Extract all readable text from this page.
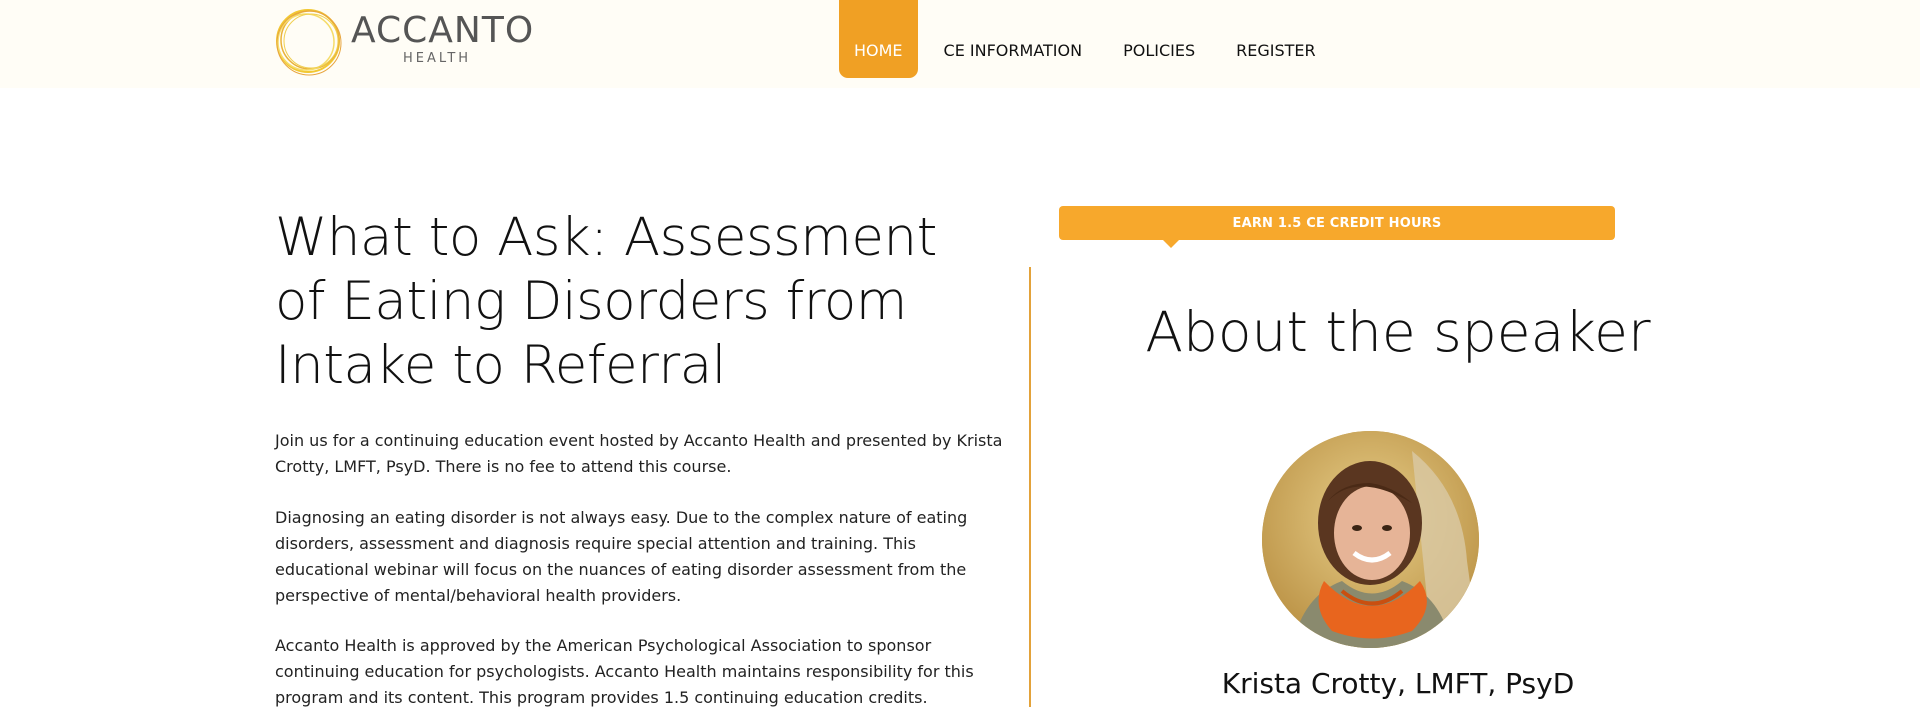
ACCANTO
HEALTH	HOME	CE INFORMATION	POLICIES	REGISTER
What to Ask: Assessment of Eating Disorders from Intake to Referral

Join us for a continuing education event hosted by Accanto Health and presented by Krista Crotty, LMFT, PsyD. There is no fee to attend this course.

Diagnosing an eating disorder is not always easy. Due to the complex nature of eating disorders, assessment and diagnosis require special attention and training. This educational webinar will focus on the nuances of eating disorder assessment from the perspective of mental/behavioral health providers.

Accanto Health is approved by the American Psychological Association to sponsor continuing education for psychologists. Accanto Health maintains responsibility for this program and its content. This program provides 1.5 continuing education credits.

EARN 1.5 CE CREDIT HOURS
About the speaker
Krista Crotty, LMFT, PsyD
